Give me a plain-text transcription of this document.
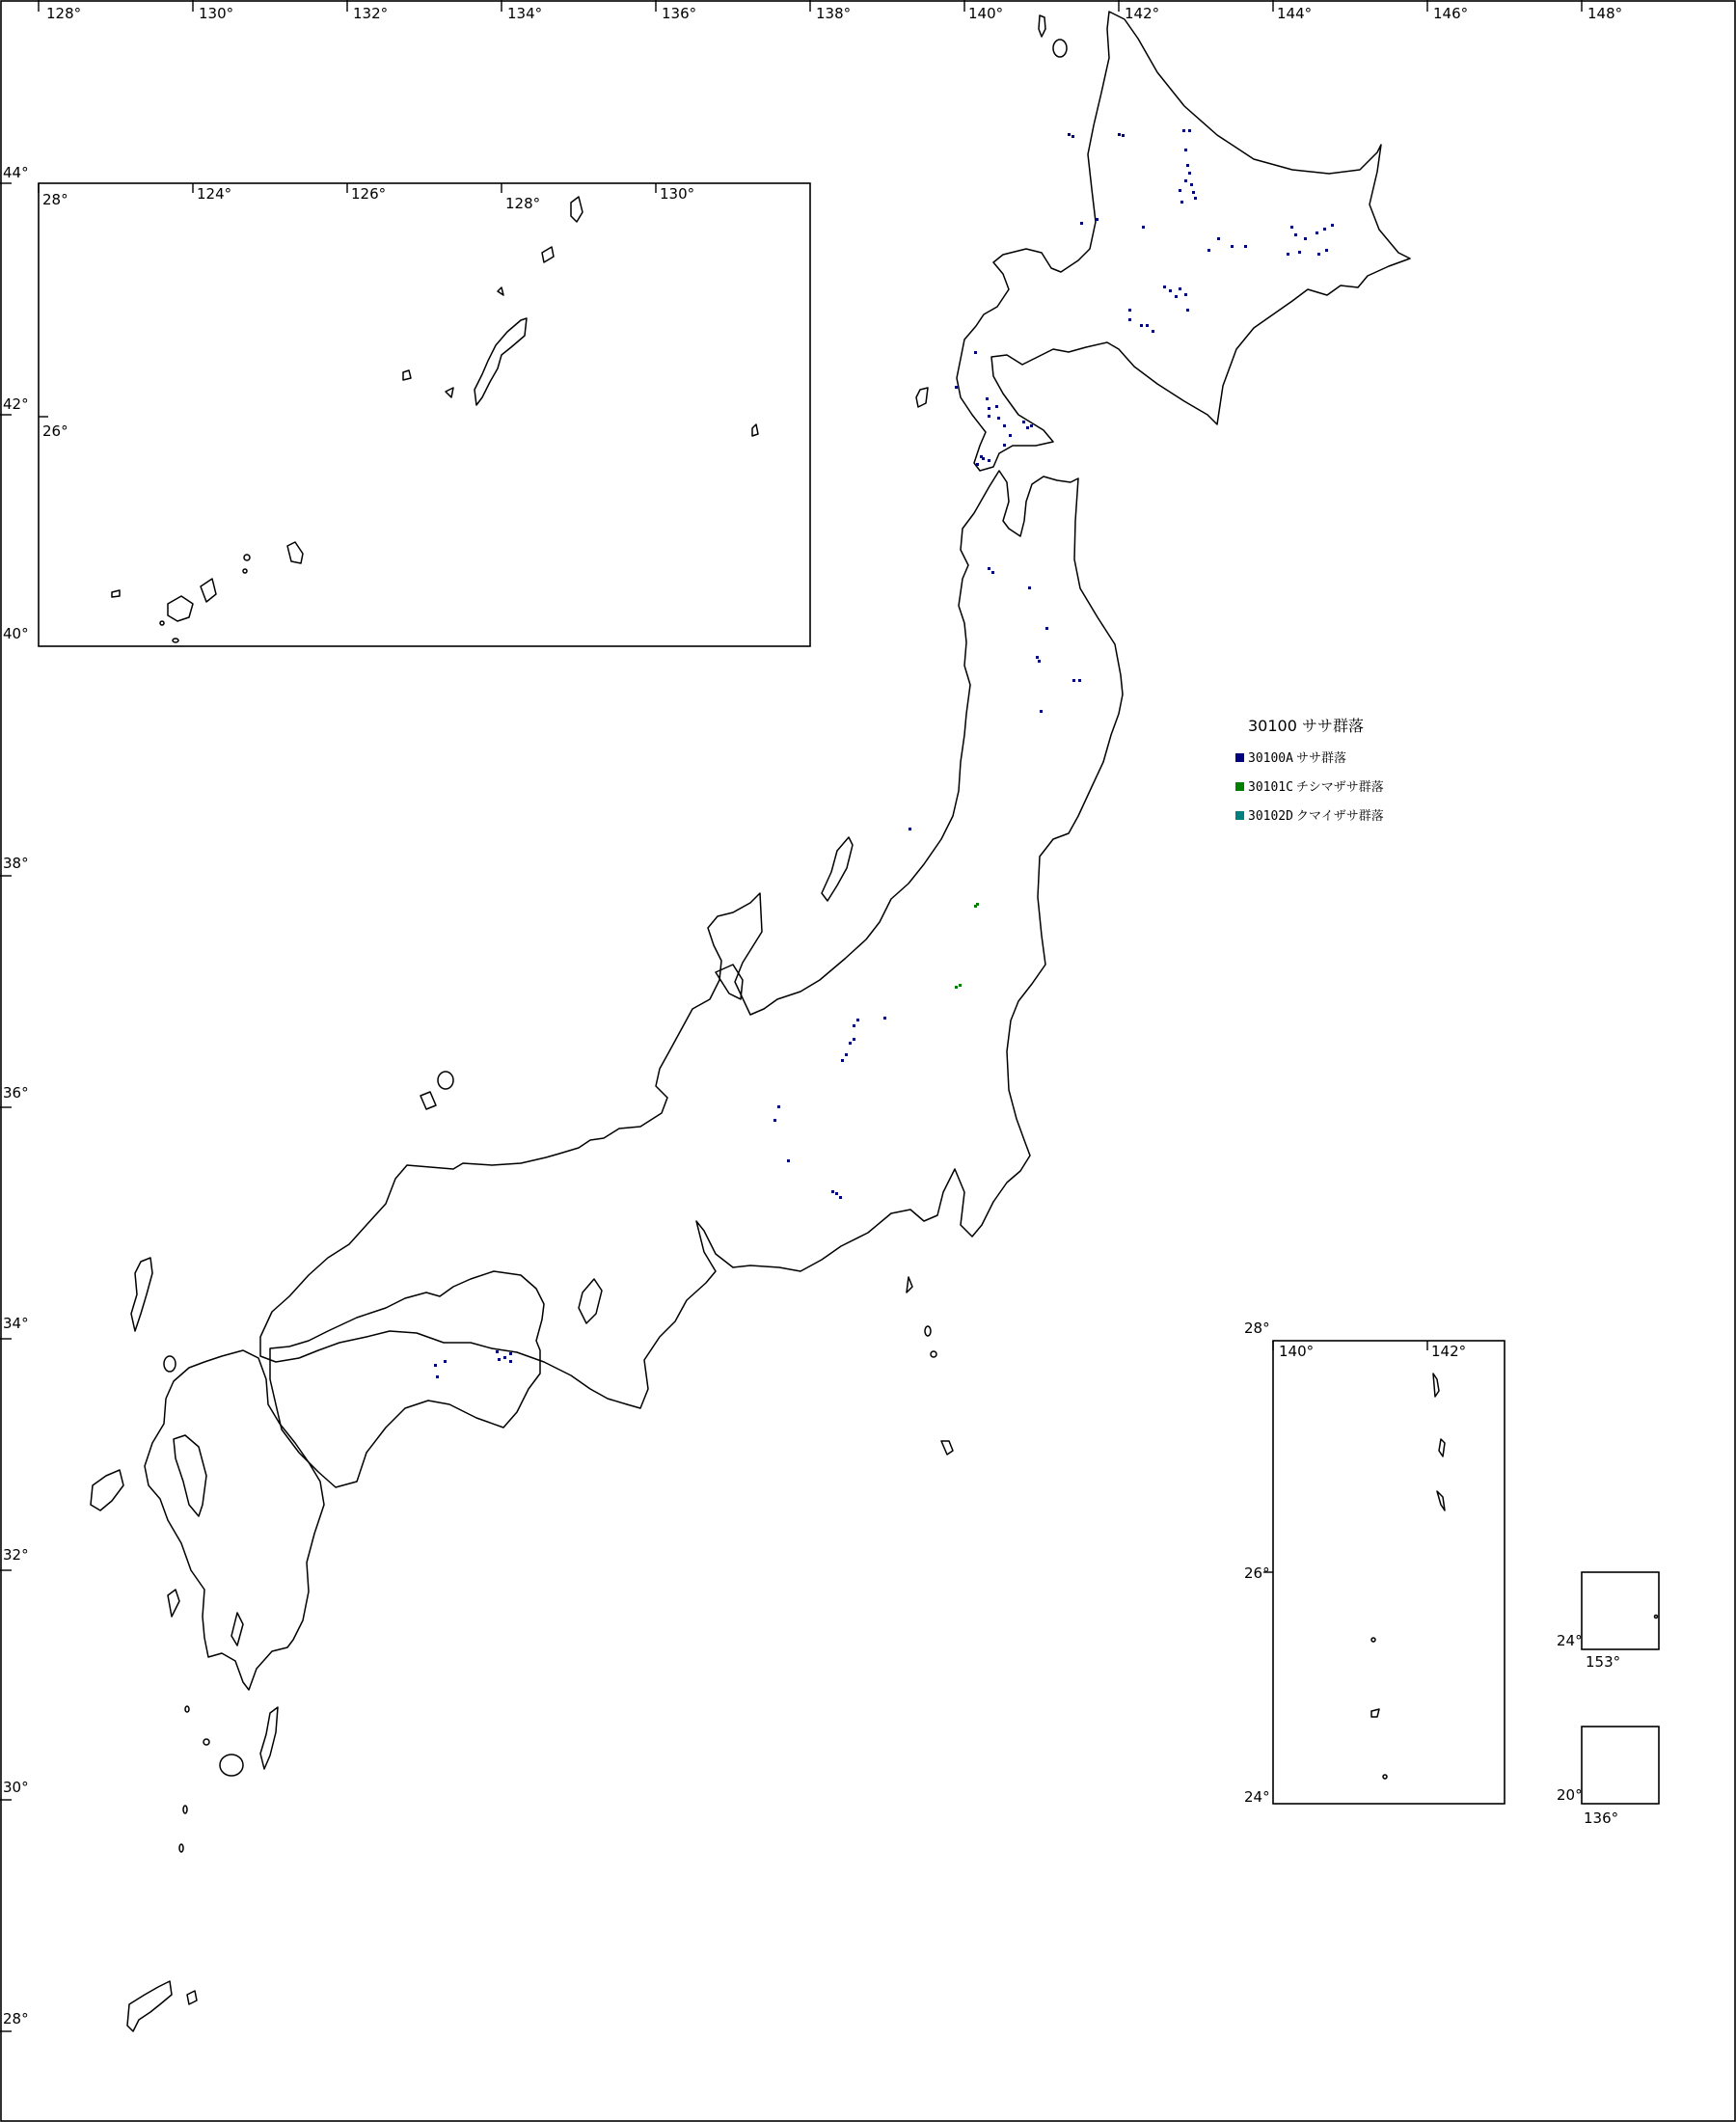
128°	130°	132°	134°	136°	138°	140°	142°	144°	146°	148°
44°
42°
38°
36°
34°
32°
30°
28°
28°	124°	126°
128°
130°
26°
40°
30100 ササ群落
30100A ササ群落
30101C チシマザサ群落
30102D クマイザサ群落
140°	142°
28°
26°
24°
24°
153°
20°
136°
